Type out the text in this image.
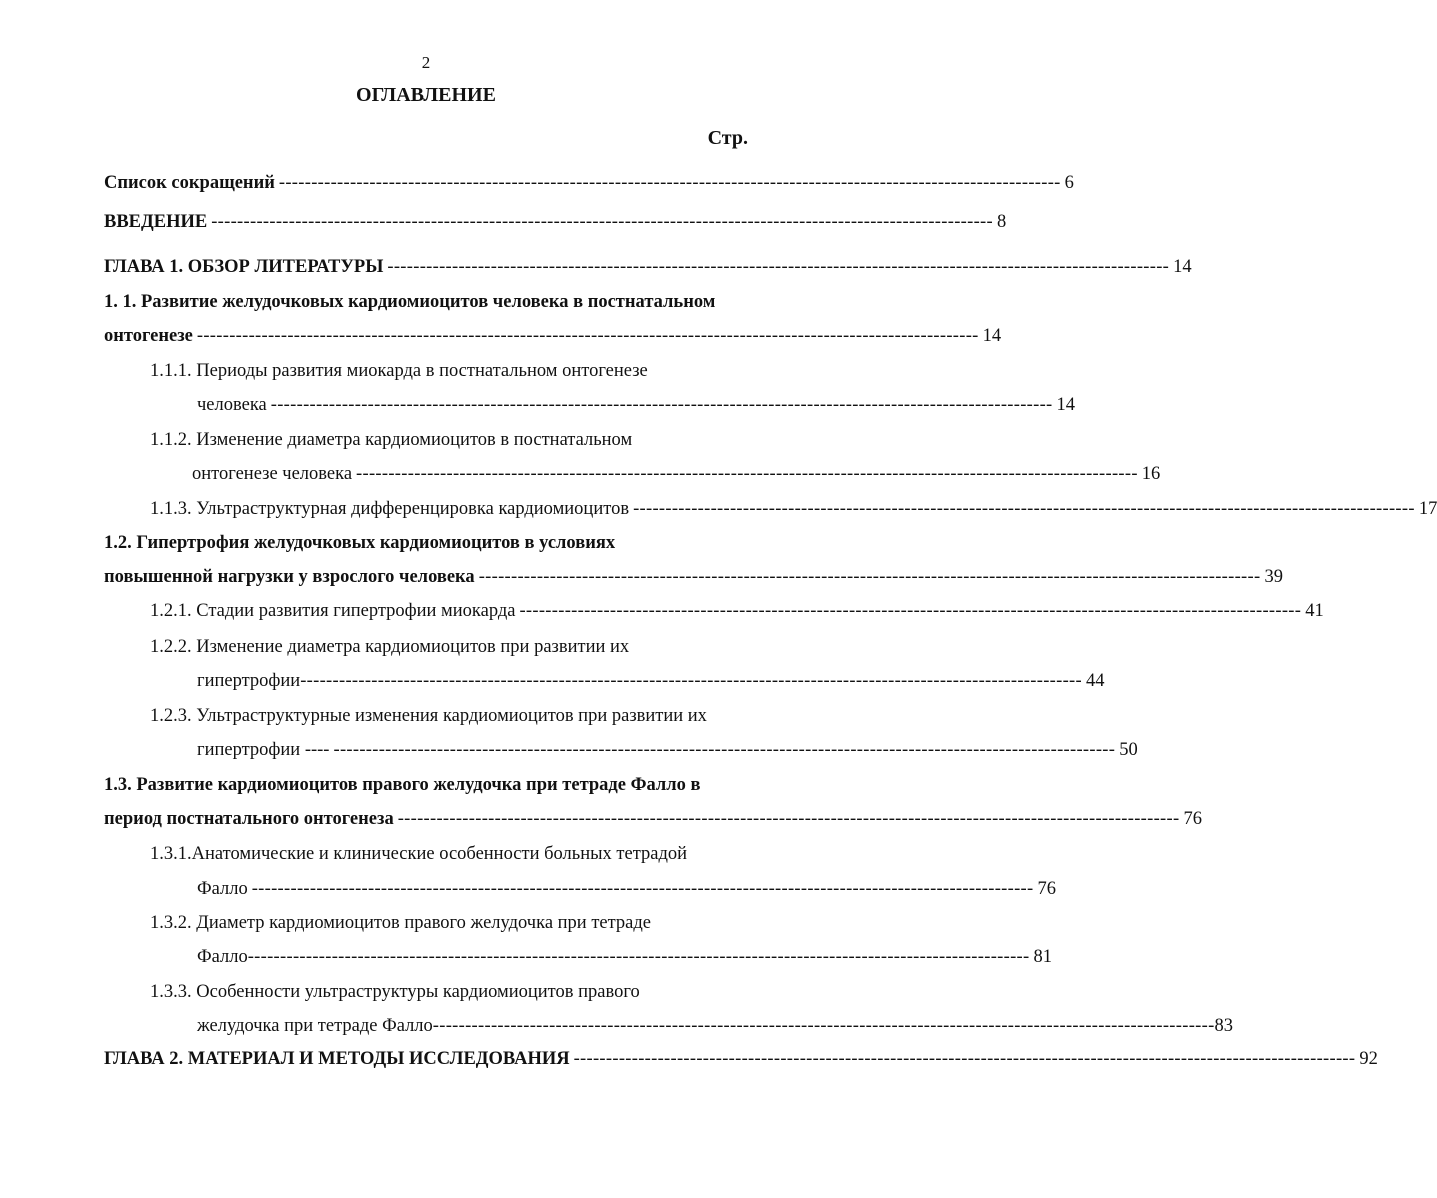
2
ОГЛАВЛЕНИЕ
Стр.
Список сокращений ------------------------------------------------------------------------------------------------------------------------- 6
ВВЕДЕНИЕ ------------------------------------------------------------------------------------------------------------------------- 8
ГЛАВА 1. ОБЗОР ЛИТЕРАТУРЫ ------------------------------------------------------------------------------------------------------------------------- 14
1. 1. Развитие желудочковых кардиомиоцитов человека в постнатальном
онтогенезе ------------------------------------------------------------------------------------------------------------------------- 14
1.1.1. Периоды развития миокарда в постнатальном онтогенезе
человека ------------------------------------------------------------------------------------------------------------------------- 14
1.1.2. Изменение диаметра кардиомиоцитов в постнатальном
онтогенезе человека ------------------------------------------------------------------------------------------------------------------------- 16
1.1.3. Ультраструктурная дифференцировка кардиомиоцитов ------------------------------------------------------------------------------------------------------------------------- 17
1.2. Гипертрофия желудочковых кардиомиоцитов в условиях
повышенной нагрузки у взрослого человека ------------------------------------------------------------------------------------------------------------------------- 39
1.2.1. Стадии развития гипертрофии миокарда ------------------------------------------------------------------------------------------------------------------------- 41
1.2.2. Изменение диаметра кардиомиоцитов при развитии их
гипертрофии ------------------------------------------------------------------------------------------------------------------------- 44
1.2.3. Ультраструктурные изменения кардиомиоцитов при развитии их
гипертрофии ---- ------------------------------------------------------------------------------------------------------------------------- 50
1.3. Развитие кардиомиоцитов правого желудочка при тетраде Фалло в
период постнатального онтогенеза ------------------------------------------------------------------------------------------------------------------------- 76
1.3.1.Анатомические и клинические особенности больных тетрадой
Фалло ------------------------------------------------------------------------------------------------------------------------- 76
1.3.2. Диаметр кардиомиоцитов правого желудочка при тетраде
Фалло ------------------------------------------------------------------------------------------------------------------------- 81
1.3.3. Особенности ультраструктуры кардиомиоцитов правого
желудочка при тетраде Фалло ------------------------------------------------------------------------------------------------------------------------- 83
ГЛАВА 2. МАТЕРИАЛ И МЕТОДЫ ИССЛЕДОВАНИЯ ------------------------------------------------------------------------------------------------------------------------- 92
